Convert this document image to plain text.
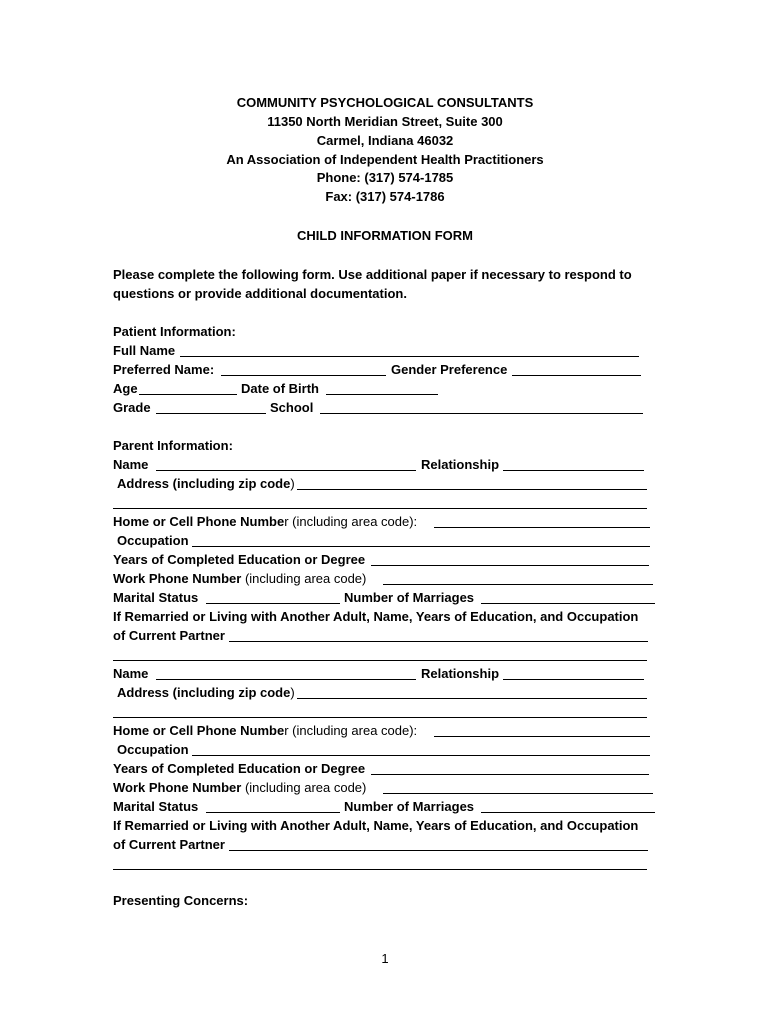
COMMUNITY PSYCHOLOGICAL CONSULTANTS
11350 North Meridian Street, Suite 300
Carmel, Indiana 46032
An Association of Independent Health Practitioners
Phone: (317) 574-1785
Fax: (317) 574-1786
CHILD INFORMATION FORM
Please complete the following form. Use additional paper if necessary to respond to
questions or provide additional documentation.
Patient Information:
Full Name
Preferred Name:	Gender Preference
Age	Date of Birth
Grade	School
Parent Information:
Name	Relationship
Address (including zip code)
Home or Cell Phone Number (including area code):
Occupation
Years of Completed Education or Degree
Work Phone Number (including area code)
Marital Status	Number of Marriages
If Remarried or Living with Another Adult, Name, Years of Education, and Occupation
of Current Partner
Name	Relationship
Address (including zip code)
Home or Cell Phone Number (including area code):
Occupation
Years of Completed Education or Degree
Work Phone Number (including area code)
Marital Status	Number of Marriages
If Remarried or Living with Another Adult, Name, Years of Education, and Occupation
of Current Partner
Presenting Concerns:
1
